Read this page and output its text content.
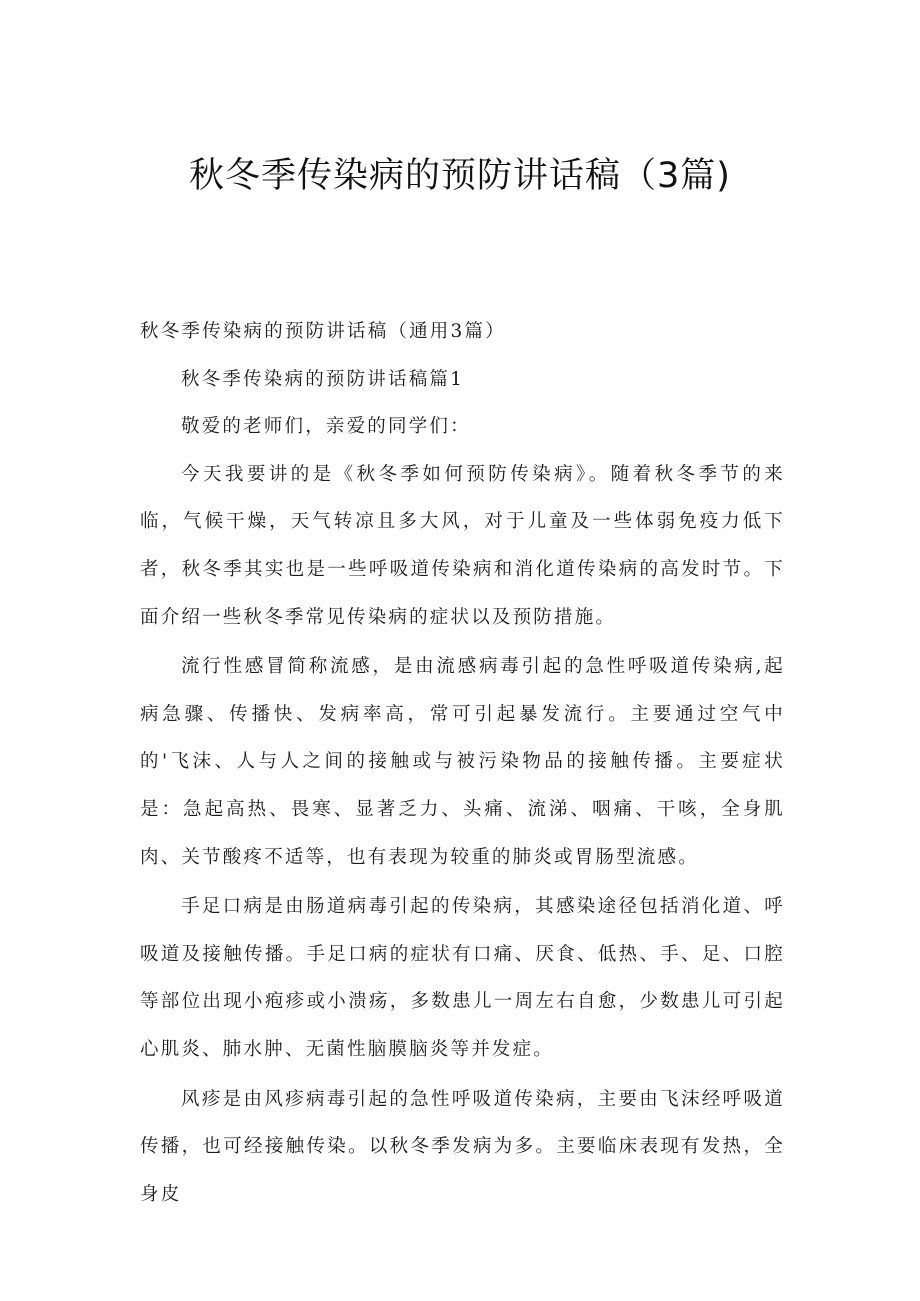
秋冬季传染病的预防讲话稿（3篇)

秋冬季传染病的预防讲话稿（通用3篇）

秋冬季传染病的预防讲话稿篇1

敬爱的老师们，亲爱的同学们：

今天我要讲的是《秋冬季如何预防传染病》。随着秋冬季节的来临，气候干燥，天气转凉且多大风，对于儿童及一些体弱免疫力低下者，秋冬季其实也是一些呼吸道传染病和消化道传染病的高发时节。下面介绍一些秋冬季常见传染病的症状以及预防措施。

流行性感冒简称流感，是由流感病毒引起的急性呼吸道传染病,起病急骤、传播快、发病率高，常可引起暴发流行。主要通过空气中的'飞沫、人与人之间的接触或与被污染物品的接触传播。主要症状是：急起高热、畏寒、显著乏力、头痛、流涕、咽痛、干咳，全身肌肉、关节酸疼不适等，也有表现为较重的肺炎或胃肠型流感。

手足口病是由肠道病毒引起的传染病，其感染途径包括消化道、呼吸道及接触传播。手足口病的症状有口痛、厌食、低热、手、足、口腔等部位出现小疱疹或小溃疡，多数患儿一周左右自愈，少数患儿可引起心肌炎、肺水肿、无菌性脑膜脑炎等并发症。

风疹是由风疹病毒引起的急性呼吸道传染病，主要由飞沫经呼吸道传播，也可经接触传染。以秋冬季发病为多。主要临床表现有发热，全身皮
